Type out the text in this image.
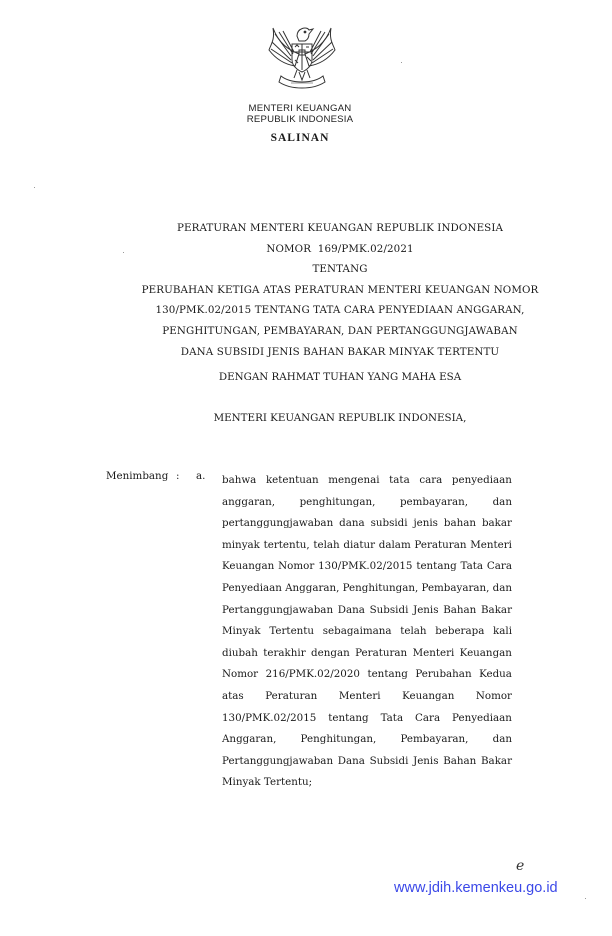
MENTERI KEUANGAN
REPUBLIK INDONESIA
SALINAN
PERATURAN MENTERI KEUANGAN REPUBLIK INDONESIA
NOMOR  169/PMK.02/2021
TENTANG
PERUBAHAN KETIGA ATAS PERATURAN MENTERI KEUANGAN NOMOR
130/PMK.02/2015 TENTANG TATA CARA PENYEDIAAN ANGGARAN,
PENGHITUNGAN, PEMBAYARAN, DAN PERTANGGUNGJAWABAN
DANA SUBSIDI JENIS BAHAN BAKAR MINYAK TERTENTU
DENGAN RAHMAT TUHAN YANG MAHA ESA
MENTERI KEUANGAN REPUBLIK INDONESIA,
Menimbang : a. bahwa ketentuan mengenai tata cara penyediaan
anggaran, penghitungan, pembayaran, dan
pertanggungjawaban dana subsidi jenis bahan bakar
minyak tertentu, telah diatur dalam Peraturan Menteri
Keuangan Nomor 130/PMK.02/2015 tentang Tata Cara
Penyediaan Anggaran, Penghitungan, Pembayaran, dan
Pertanggungjawaban Dana Subsidi Jenis Bahan Bakar
Minyak Tertentu sebagaimana telah beberapa kali
diubah terakhir dengan Peraturan Menteri Keuangan
Nomor 216/PMK.02/2020 tentang Perubahan Kedua
atas Peraturan Menteri Keuangan Nomor
130/PMK.02/2015 tentang Tata Cara Penyediaan
Anggaran, Penghitungan, Pembayaran, dan
Pertanggungjawaban Dana Subsidi Jenis Bahan Bakar
Minyak Tertentu;
e
www.jdih.kemenkeu.go.id
